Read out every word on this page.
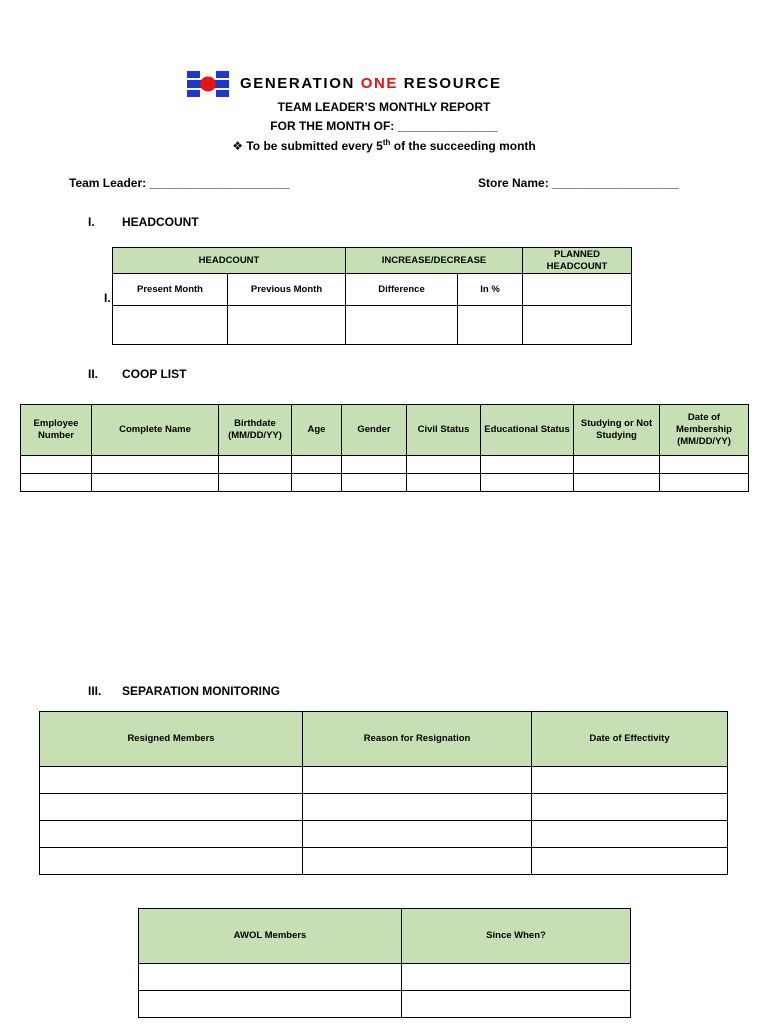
GENERATION ONE RESOURCE
TEAM LEADER’S MONTHLY REPORT
FOR THE MONTH OF: _______________
❖ To be submitted every 5th of the succeeding month
Team Leader: _____________________	Store Name: ___________________
I. HEADCOUNT
HEADCOUNT		INCREASE/DECREASE		PLANNED HEADCOUNT
Present Month	Previous Month	Difference	In %	

I.
II. COOP LIST
Employee Number	Complete Name	Birthdate (MM/DD/YY)	Age	Gender	Civil Status	Educational Status	Studying or Not Studying	Date of Membership (MM/DD/YY)

III. SEPARATION MONITORING
Resigned Members	Reason for Resignation	Date of Effectivity

AWOL Members	Since When?
